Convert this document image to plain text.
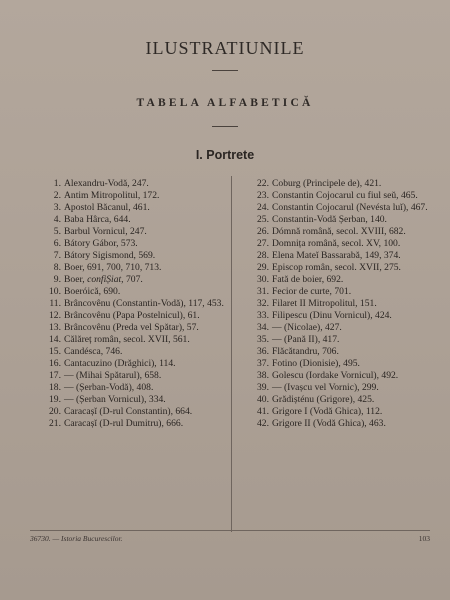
ILUSTRATIUNILE
TABELA ALFABETICĂ
I. Portrete
1. Alexandru-Vodă, 247.
2. Antim Mitropolitul, 172.
3. Apostol Băcanul, 461.
4. Baba Hârca, 644.
5. Barbul Vornicul, 247.
6. Bátory Gábor, 573.
7. Bátory Sigismond, 569.
8. Boer, 691, 700, 710, 713.
9. Boer, confiȘiat, 707.
10. Boeróică, 690.
11. Brâncovênu (Constantin-Vodă), 117, 453.
12. Brâncovênu (Papa Postelnicul), 61.
13. Brâncovênu (Preda vel Spătar), 57.
14. Călăreț român, secol. XVII, 561.
15. Candésca, 746.
16. Cantacuzino (Drăghici), 114.
17. — (Mihai Spătarul), 658.
18. — (Șerban-Vodă), 408.
19. — (Șerban Vornicul), 334.
20. Caracașĭ (D-rul Constantin), 664.
21. Caracașĭ (D-rul Dumitru), 666.
22. Coburg (Principele de), 421.
23. Constantin Cojocarul cu fiul seŭ, 465.
24. Constantin Cojocarul (Nevésta luĭ), 467.
25. Constantin-Vodă Șerban, 140.
26. Dómnă română, secol. XVIII, 682.
27. Domnița română, secol. XV, 100.
28. Elena Mateĭ Bassarabă, 149, 374.
29. Episcop român, secol. XVII, 275.
30. Fată de boier, 692.
31. Fecior de curte, 701.
32. Filaret II Mitropolitul, 151.
33. Filipescu (Dinu Vornicul), 424.
34. — (Nicolae), 427.
35. — (Pană II), 417.
36. Flăcătandru, 706.
37. Fotino (Dionisie), 495.
38. Golescu (Iordake Vornicul), 492.
39. — (Ivașcu vel Vornic), 299.
40. Grădișténu (Grigore), 425.
41. Grigore I (Vodă Ghica), 112.
42. Grigore II (Vodă Ghica), 463.
36730. — Istoria Bucurescilor.	103
